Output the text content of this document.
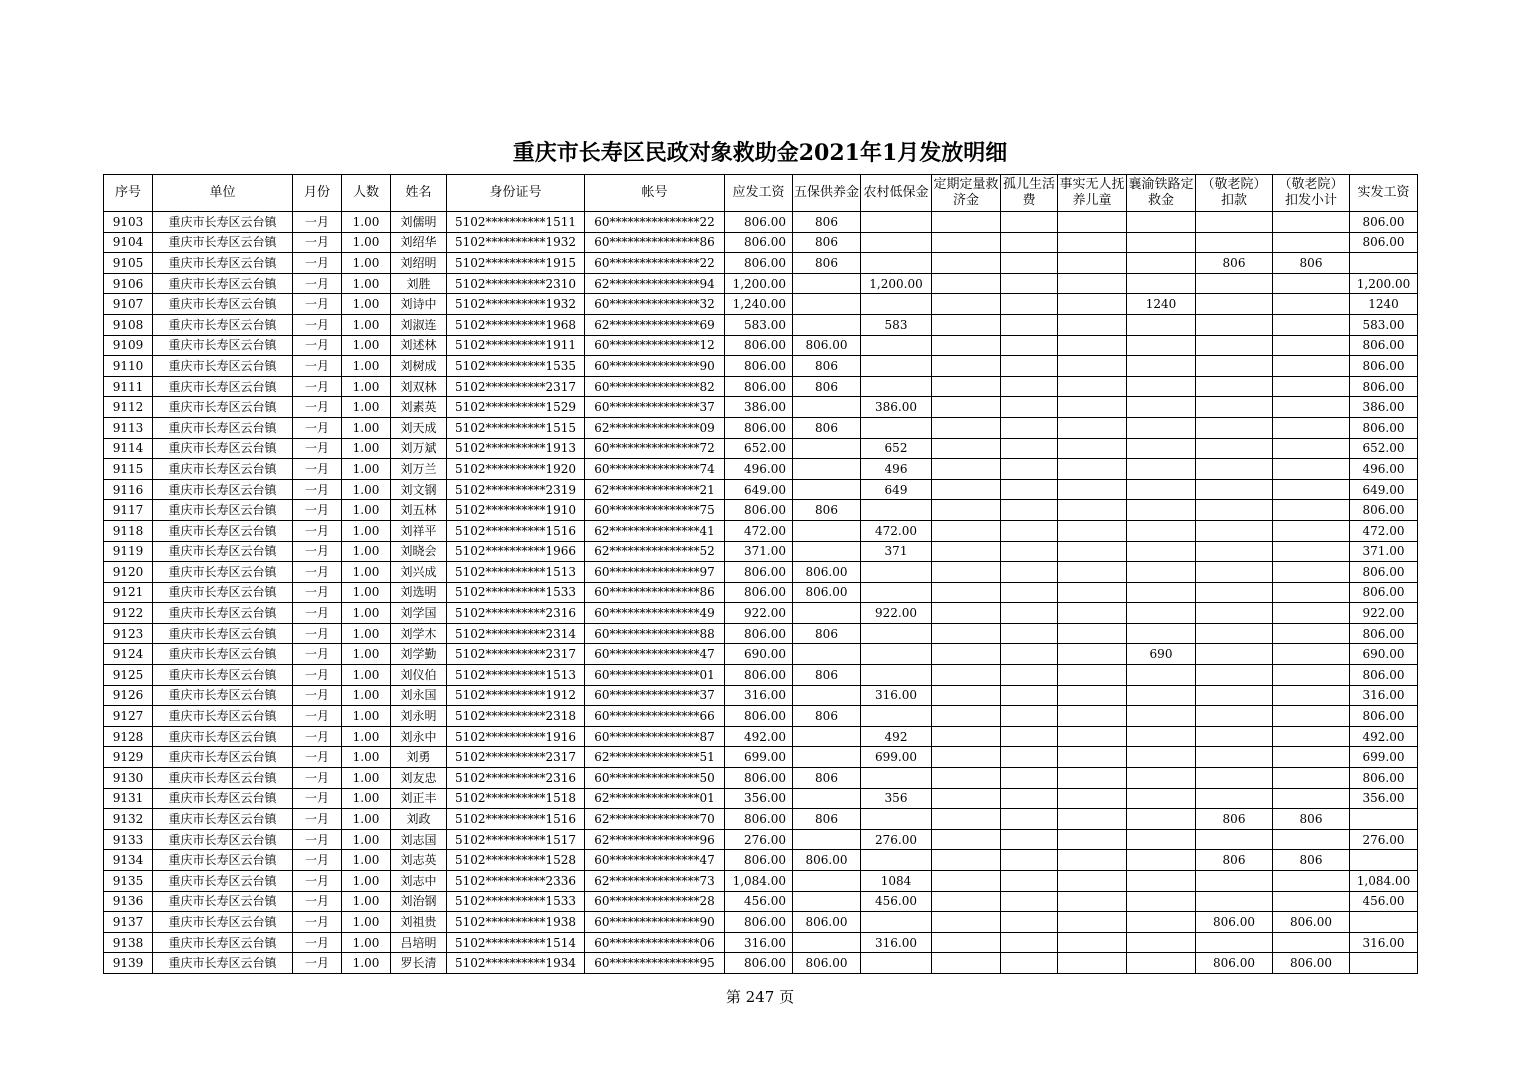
重庆市长寿区民政对象救助金2021年1月发放明细
序号	单位	月份	人数	姓名	身份证号	帐号	应发工资	五保供养金	农村低保金	定期定量救济金	孤儿生活费	事实无人抚养儿童	襄渝铁路定救金	（敬老院）扣款	（敬老院）扣发小计	实发工资
9103	重庆市长寿区云台镇	一月	1.00	刘儒明	5102**********1511	60***************22	806.00	806								806.00
9104	重庆市长寿区云台镇	一月	1.00	刘绍华	5102**********1932	60***************86	806.00	806								806.00
9105	重庆市长寿区云台镇	一月	1.00	刘绍明	5102**********1915	60***************22	806.00	806						806	806	
9106	重庆市长寿区云台镇	一月	1.00	刘胜	5102**********2310	62***************94	1,200.00		1,200.00							1,200.00
9107	重庆市长寿区云台镇	一月	1.00	刘诗中	5102**********1932	60***************32	1,240.00						1240			1240
9108	重庆市长寿区云台镇	一月	1.00	刘淑连	5102**********1968	62***************69	583.00		583							583.00
9109	重庆市长寿区云台镇	一月	1.00	刘述林	5102**********1911	60***************12	806.00	806.00								806.00
9110	重庆市长寿区云台镇	一月	1.00	刘树成	5102**********1535	60***************90	806.00	806								806.00
9111	重庆市长寿区云台镇	一月	1.00	刘双林	5102**********2317	60***************82	806.00	806								806.00
9112	重庆市长寿区云台镇	一月	1.00	刘素英	5102**********1529	60***************37	386.00		386.00							386.00
9113	重庆市长寿区云台镇	一月	1.00	刘天成	5102**********1515	62***************09	806.00	806								806.00
9114	重庆市长寿区云台镇	一月	1.00	刘万斌	5102**********1913	60***************72	652.00		652							652.00
9115	重庆市长寿区云台镇	一月	1.00	刘万兰	5102**********1920	60***************74	496.00		496							496.00
9116	重庆市长寿区云台镇	一月	1.00	刘文钢	5102**********2319	62***************21	649.00		649							649.00
9117	重庆市长寿区云台镇	一月	1.00	刘五林	5102**********1910	60***************75	806.00	806								806.00
9118	重庆市长寿区云台镇	一月	1.00	刘祥平	5102**********1516	62***************41	472.00		472.00							472.00
9119	重庆市长寿区云台镇	一月	1.00	刘晓会	5102**********1966	62***************52	371.00		371							371.00
9120	重庆市长寿区云台镇	一月	1.00	刘兴成	5102**********1513	60***************97	806.00	806.00								806.00
9121	重庆市长寿区云台镇	一月	1.00	刘选明	5102**********1533	60***************86	806.00	806.00								806.00
9122	重庆市长寿区云台镇	一月	1.00	刘学国	5102**********2316	60***************49	922.00		922.00							922.00
9123	重庆市长寿区云台镇	一月	1.00	刘学木	5102**********2314	60***************88	806.00	806								806.00
9124	重庆市长寿区云台镇	一月	1.00	刘学勤	5102**********2317	60***************47	690.00						690			690.00
9125	重庆市长寿区云台镇	一月	1.00	刘仪伯	5102**********1513	60***************01	806.00	806								806.00
9126	重庆市长寿区云台镇	一月	1.00	刘永国	5102**********1912	60***************37	316.00		316.00							316.00
9127	重庆市长寿区云台镇	一月	1.00	刘永明	5102**********2318	60***************66	806.00	806								806.00
9128	重庆市长寿区云台镇	一月	1.00	刘永中	5102**********1916	60***************87	492.00		492							492.00
9129	重庆市长寿区云台镇	一月	1.00	刘勇	5102**********2317	62***************51	699.00		699.00							699.00
9130	重庆市长寿区云台镇	一月	1.00	刘友忠	5102**********2316	60***************50	806.00	806								806.00
9131	重庆市长寿区云台镇	一月	1.00	刘正丰	5102**********1518	62***************01	356.00		356							356.00
9132	重庆市长寿区云台镇	一月	1.00	刘政	5102**********1516	62***************70	806.00	806						806	806	
9133	重庆市长寿区云台镇	一月	1.00	刘志国	5102**********1517	62***************96	276.00		276.00							276.00
9134	重庆市长寿区云台镇	一月	1.00	刘志英	5102**********1528	60***************47	806.00	806.00						806	806	
9135	重庆市长寿区云台镇	一月	1.00	刘志中	5102**********2336	62***************73	1,084.00		1084							1,084.00
9136	重庆市长寿区云台镇	一月	1.00	刘治钢	5102**********1533	60***************28	456.00		456.00							456.00
9137	重庆市长寿区云台镇	一月	1.00	刘祖贵	5102**********1938	60***************90	806.00	806.00						806.00	806.00	
9138	重庆市长寿区云台镇	一月	1.00	吕培明	5102**********1514	60***************06	316.00		316.00							316.00
9139	重庆市长寿区云台镇	一月	1.00	罗长清	5102**********1934	60***************95	806.00	806.00						806.00	806.00	
第 247 页
